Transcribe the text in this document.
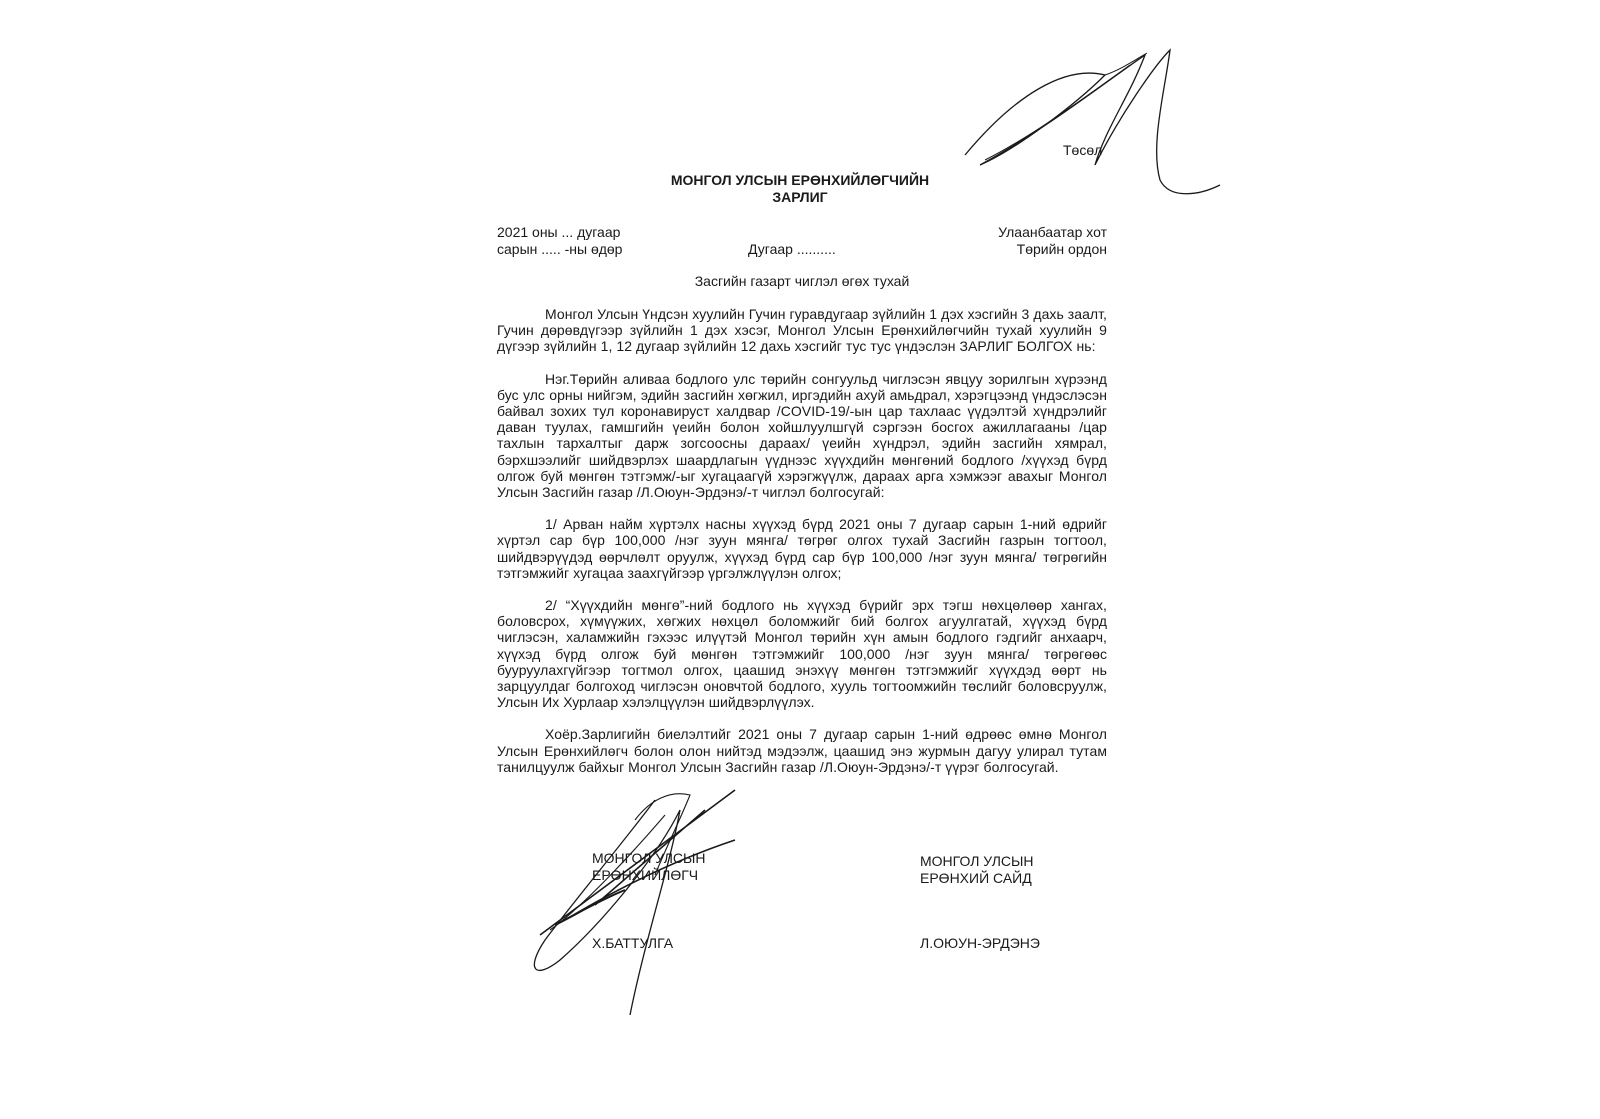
Төсөл
МОНГОЛ УЛСЫН ЕРӨНХИЙЛӨГЧИЙН
ЗАРЛИГ
2021 оны ... дугаар
сарын ..... -ны өдөр	Дугаар ..........
Улаанбаатар хот
Төрийн ордон
Засгийн газарт чиглэл өгөх тухай

Монгол Улсын Үндсэн хуулийн Гучин гуравдугаар зүйлийн 1 дэх хэсгийн 3 дахь заалт, Гучин дөрөвдүгээр зүйлийн 1 дэх хэсэг, Монгол Улсын Ерөнхийлөгчийн тухай хуулийн 9 дүгээр зүйлийн 1, 12 дугаар зүйлийн 12 дахь хэсгийг тус тус үндэслэн ЗАРЛИГ БОЛГОХ нь:

Нэг.Төрийн аливаа бодлого улс төрийн сонгуульд чиглэсэн явцуу зорилгын хүрээнд бус улс орны нийгэм, эдийн засгийн хөгжил, иргэдийн ахуй амьдрал, хэрэгцээнд үндэслэсэн байвал зохих тул коронавируст халдвар /COVID-19/-ын цар тахлаас үүдэлтэй хүндрэлийг даван туулах, гамшгийн үеийн болон хойшлуулшгүй сэргээн босгох ажиллагааны /цар тахлын тархалтыг дарж зогсоосны дараах/ үеийн хүндрэл, эдийн засгийн хямрал, бэрхшээлийг шийдвэрлэх шаардлагын үүднээс хүүхдийн мөнгөний бодлого /хүүхэд бүрд олгож буй мөнгөн тэтгэмж/-ыг хугацаагүй хэрэгжүүлж, дараах арга хэмжээг авахыг Монгол Улсын Засгийн газар /Л.Оюун-Эрдэнэ/-т чиглэл болгосугай:

1/ Арван найм хүртэлх насны хүүхэд бүрд 2021 оны 7 дугаар сарын 1-ний өдрийг хүртэл сар бүр 100,000 /нэг зуун мянга/ төгрөг олгох тухай Засгийн газрын тогтоол, шийдвэрүүдэд өөрчлөлт оруулж, хүүхэд бүрд сар бүр 100,000 /нэг зуун мянга/ төгрөгийн тэтгэмжийг хугацаа заахгүйгээр үргэлжлүүлэн олгох;

2/ “Хүүхдийн мөнгө”-ний бодлого нь хүүхэд бүрийг эрх тэгш нөхцөлөөр хангах, боловсрох, хүмүүжих, хөгжих нөхцөл боломжийг бий болгох агуулгатай, хүүхэд бүрд чиглэсэн, халамжийн гэхээс илүүтэй Монгол төрийн хүн амын бодлого гэдгийг анхаарч, хүүхэд бүрд олгож буй мөнгөн тэтгэмжийг 100,000 /нэг зуун мянга/ төгрөгөөс бууруулахгүйгээр тогтмол олгох, цаашид энэхүү мөнгөн тэтгэмжийг хүүхдэд өөрт нь зарцуулдаг болгоход чиглэсэн оновчтой бодлого, хууль тогтоомжийн төслийг боловсруулж, Улсын Их Хурлаар хэлэлцүүлэн шийдвэрлүүлэх.

Хоёр.Зарлигийн биелэлтийг 2021 оны 7 дугаар сарын 1-ний өдрөөс өмнө Монгол Улсын Ерөнхийлөгч болон олон нийтэд мэдээлж, цаашид энэ журмын дагуу улирал тутам танилцуулж байхыг Монгол Улсын Засгийн газар /Л.Оюун-Эрдэнэ/-т үүрэг болгосугай.

МОНГОЛ УЛСЫН
ЕРӨНХИЙЛӨГЧ
Х.БАТТУЛГА
МОНГОЛ УЛСЫН
ЕРӨНХИЙ САЙД
Л.ОЮУН-ЭРДЭНЭ
